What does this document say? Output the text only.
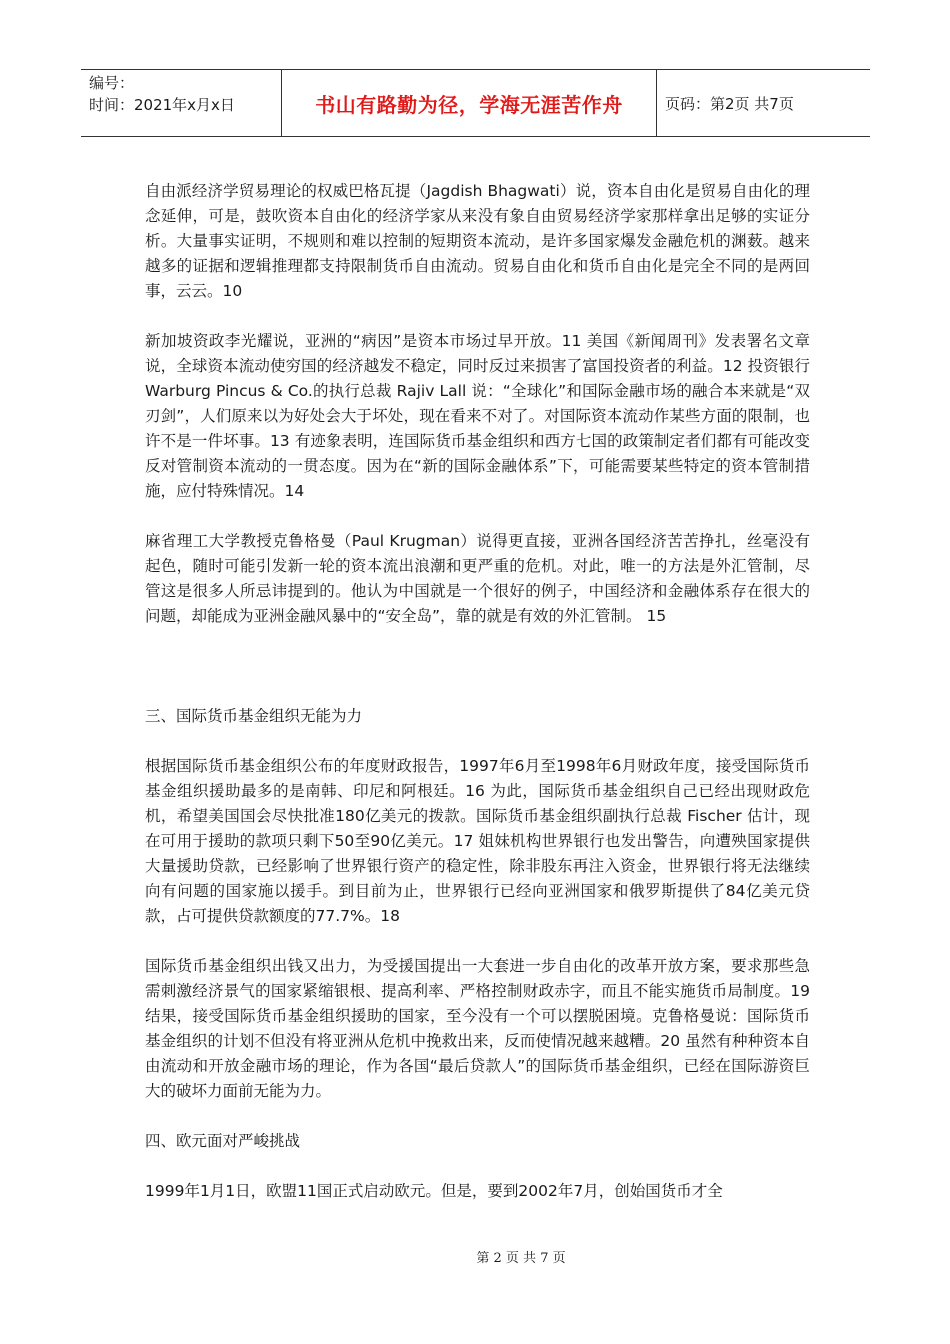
编号：
时间：2021年x月x日	书山有路勤为径，学海无涯苦作舟	页码：第2页 共7页

自由派经济学贸易理论的权威巴格瓦提（Jagdish Bhagwati）说，资本自由化是贸易自由化的理念延伸，可是，鼓吹资本自由化的经济学家从来没有象自由贸易经济学家那样拿出足够的实证分析。大量事实证明，不规则和难以控制的短期资本流动，是许多国家爆发金融危机的渊薮。越来越多的证据和逻辑推理都支持限制货币自由流动。贸易自由化和货币自由化是完全不同的是两回事，云云。10

新加坡资政李光耀说，亚洲的“病因”是资本市场过早开放。11 美国《新闻周刊》发表署名文章说，全球资本流动使穷国的经济越发不稳定，同时反过来损害了富国投资者的利益。12 投资银行 Warburg Pincus & Co.的执行总裁 Rajiv Lall 说：“全球化”和国际金融市场的融合本来就是“双刃剑”，人们原来以为好处会大于坏处，现在看来不对了。对国际资本流动作某些方面的限制，也许不是一件坏事。13 有迹象表明，连国际货币基金组织和西方七国的政策制定者们都有可能改变反对管制资本流动的一贯态度。因为在“新的国际金融体系”下，可能需要某些特定的资本管制措施，应付特殊情况。14

麻省理工大学教授克鲁格曼（Paul Krugman）说得更直接，亚洲各国经济苦苦挣扎，丝毫没有起色，随时可能引发新一轮的资本流出浪潮和更严重的危机。对此，唯一的方法是外汇管制，尽管这是很多人所忌讳提到的。他认为中国就是一个很好的例子，中国经济和金融体系存在很大的问题，却能成为亚洲金融风暴中的“安全岛”，靠的就是有效的外汇管制。 15

三、国际货币基金组织无能为力

根据国际货币基金组织公布的年度财政报告，1997年6月至1998年6月财政年度，接受国际货币基金组织援助最多的是南韩、印尼和阿根廷。16 为此，国际货币基金组织自己已经出现财政危机，希望美国国会尽快批准180亿美元的拨款。国际货币基金组织副执行总裁 Fischer 估计，现在可用于援助的款项只剩下50至90亿美元。17 姐妹机构世界银行也发出警告，向遭殃国家提供大量援助贷款，已经影响了世界银行资产的稳定性，除非股东再注入资金，世界银行将无法继续向有问题的国家施以援手。到目前为止，世界银行已经向亚洲国家和俄罗斯提供了84亿美元贷款，占可提供贷款额度的77.7%。18

国际货币基金组织出钱又出力，为受援国提出一大套进一步自由化的改革开放方案，要求那些急需刺激经济景气的国家紧缩银根、提高利率、严格控制财政赤字，而且不能实施货币局制度。19 结果，接受国际货币基金组织援助的国家，至今没有一个可以摆脱困境。克鲁格曼说：国际货币基金组织的计划不但没有将亚洲从危机中挽救出来，反而使情况越来越糟。20 虽然有种种资本自由流动和开放金融市场的理论，作为各国“最后贷款人”的国际货币基金组织，已经在国际游资巨大的破坏力面前无能为力。

四、欧元面对严峻挑战

1999年1月1日，欧盟11国正式启动欧元。但是，要到2002年7月，创始国货币才全

第 2 页 共 7 页
